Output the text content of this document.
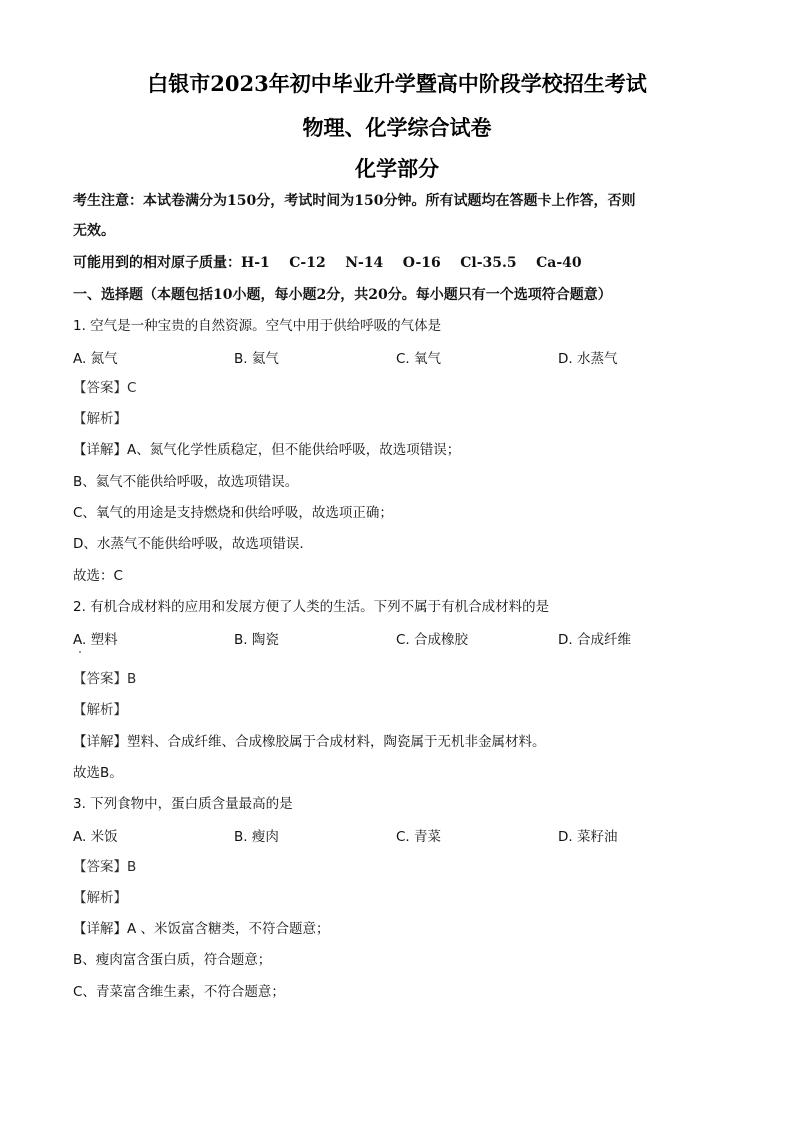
白银市2023年初中毕业升学暨高中阶段学校招生考试
物理、化学综合试卷
化学部分
考生注意：本试卷满分为150分，考试时间为150分钟。所有试题均在答题卡上作答，否则
无效。
可能用到的相对原子质量：H-1    C-12    N-14    O-16    Cl-35.5    Ca-40
一、选择题（本题包括10小题，每小题2分，共20分。每小题只有一个选项符合题意）
1. 空气是一种宝贵的自然资源。空气中用于供给呼吸的气体是
A. 氮气	B. 氦气	C. 氧气	D. 水蒸气
【答案】C
【解析】
【详解】A、氮气化学性质稳定，但不能供给呼吸，故选项错误；
B、氦气不能供给呼吸，故选项错误。
C、氧气的用途是支持燃烧和供给呼吸，故选项正确；
D、水蒸气不能供给呼吸，故选项错误.
故选：C
2. 有机合成材料的应用和发展方便了人类的生活。下列不属于有机合成材料的是
A. 塑料	B. 陶瓷	C. 合成橡胶	D. 合成纤维
【答案】B
【解析】
【详解】塑料、合成纤维、合成橡胶属于合成材料，陶瓷属于无机非金属材料。
故选B。
3. 下列食物中，蛋白质含量最高的是
A. 米饭	B. 瘦肉	C. 青菜	D. 菜籽油
【答案】B
【解析】
【详解】A 、米饭富含糖类，不符合题意；
B、瘦肉富含蛋白质，符合题意；
C、青菜富含维生素，不符合题意；
